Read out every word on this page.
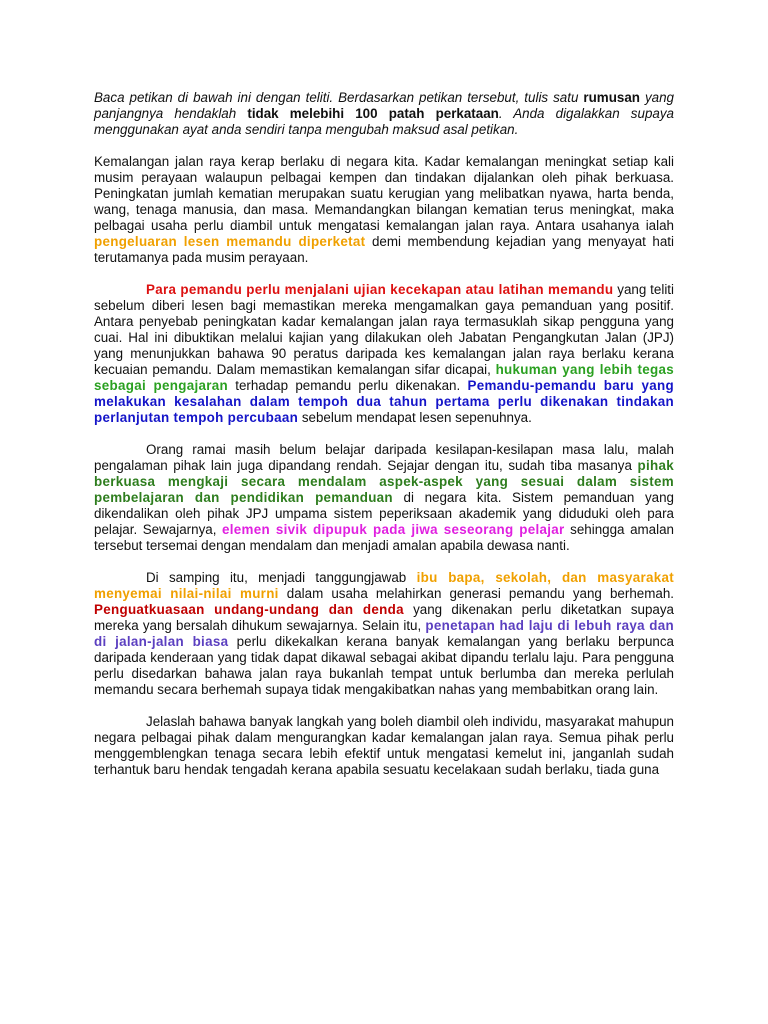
Baca petikan di bawah ini dengan teliti. Berdasarkan petikan tersebut, tulis satu rumusan yang panjangnya hendaklah tidak melebihi 100 patah perkataan. Anda digalakkan supaya menggunakan ayat anda sendiri tanpa mengubah maksud asal petikan.

Kemalangan jalan raya kerap berlaku di negara kita. Kadar kemalangan meningkat setiap kali musim perayaan walaupun pelbagai kempen dan tindakan dijalankan oleh pihak berkuasa. Peningkatan jumlah kematian merupakan suatu kerugian yang melibatkan nyawa, harta benda, wang, tenaga manusia, dan masa. Memandangkan bilangan kematian terus meningkat, maka pelbagai usaha perlu diambil untuk mengatasi kemalangan jalan raya. Antara usahanya ialah pengeluaran lesen memandu diperketat demi membendung kejadian yang menyayat hati terutamanya pada musim perayaan.

Para pemandu perlu menjalani ujian kecekapan atau latihan memandu yang teliti sebelum diberi lesen bagi memastikan mereka mengamalkan gaya pemanduan yang positif. Antara penyebab peningkatan kadar kemalangan jalan raya termasuklah sikap pengguna yang cuai. Hal ini dibuktikan melalui kajian yang dilakukan oleh Jabatan Pengangkutan Jalan (JPJ) yang menunjukkan bahawa 90 peratus daripada kes kemalangan jalan raya berlaku kerana kecuaian pemandu. Dalam memastikan kemalangan sifar dicapai, hukuman yang lebih tegas sebagai pengajaran terhadap pemandu perlu dikenakan. Pemandu-pemandu baru yang melakukan kesalahan dalam tempoh dua tahun pertama perlu dikenakan tindakan perlanjutan tempoh percubaan sebelum mendapat lesen sepenuhnya.

Orang ramai masih belum belajar daripada kesilapan-kesilapan masa lalu, malah pengalaman pihak lain juga dipandang rendah. Sejajar dengan itu, sudah tiba masanya pihak berkuasa mengkaji secara mendalam aspek-aspek yang sesuai dalam sistem pembelajaran dan pendidikan pemanduan di negara kita. Sistem pemanduan yang dikendalikan oleh pihak JPJ umpama sistem peperiksaan akademik yang diduduki oleh para pelajar. Sewajarnya, elemen sivik dipupuk pada jiwa seseorang pelajar sehingga amalan tersebut tersemai dengan mendalam dan menjadi amalan apabila dewasa nanti.

Di samping itu, menjadi tanggungjawab ibu bapa, sekolah, dan masyarakat menyemai nilai-nilai murni dalam usaha melahirkan generasi pemandu yang berhemah. Penguatkuasaan undang-undang dan denda yang dikenakan perlu diketatkan supaya mereka yang bersalah dihukum sewajarnya. Selain itu, penetapan had laju di lebuh raya dan di jalan-jalan biasa perlu dikekalkan kerana banyak kemalangan yang berlaku berpunca daripada kenderaan yang tidak dapat dikawal sebagai akibat dipandu terlalu laju. Para pengguna perlu disedarkan bahawa jalan raya bukanlah tempat untuk berlumba dan mereka perlulah memandu secara berhemah supaya tidak mengakibatkan nahas yang membabitkan orang lain.

Jelaslah bahawa banyak langkah yang boleh diambil oleh individu, masyarakat mahupun negara pelbagai pihak dalam mengurangkan kadar kemalangan jalan raya. Semua pihak perlu menggemblengkan tenaga secara lebih efektif untuk mengatasi kemelut ini, janganlah sudah terhantuk baru hendak tengadah kerana apabila sesuatu kecelakaan sudah berlaku, tiada guna
